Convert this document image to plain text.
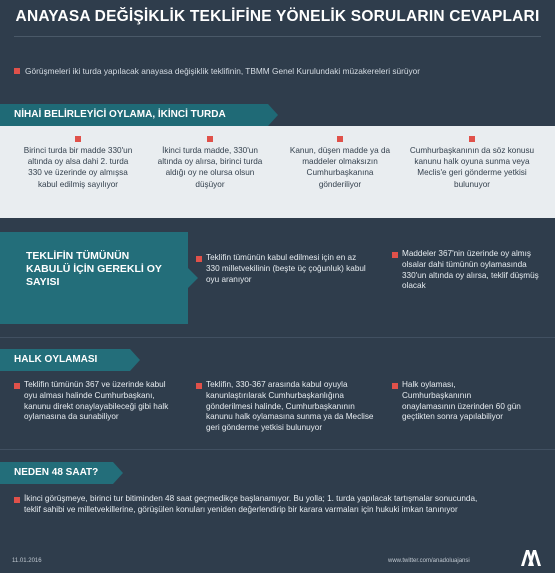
ANAYASA DEĞİŞİKLİK TEKLİFİNE YÖNELİK SORULARIN CEVAPLARI
Görüşmeleri iki turda yapılacak anayasa değişiklik teklifinin, TBMM Genel Kurulundaki müzakereleri sürüyor
NİHAİ BELİRLEYİCİ OYLAMA, İKİNCİ TURDA
Birinci turda bir madde 330'un altında oy alsa dahi 2. turda 330 ve üzerinde oy almışsa kabul edilmiş sayılıyor
İkinci turda madde, 330'un altında oy alırsa, birinci turda aldığı oy ne olursa olsun düşüyor
Kanun, düşen madde ya da maddeler olmaksızın Cumhurbaşkanına gönderiliyor
Cumhurbaşkanının da söz konusu kanunu halk oyuna sunma veya Meclis'e geri gönderme yetkisi bulunuyor
TEKLİFİN TÜMÜNÜN KABULÜ İÇİN GEREKLİ OY SAYISI
Teklifin tümünün kabul edilmesi için en az 330 milletvekilinin (beşte üç çoğunluk) kabul oyu aranıyor
Maddeler 367'nin üzerinde oy almış olsalar dahi tümünün oylamasında 330'un altında oy alırsa, teklif düşmüş olacak
HALK OYLAMASI
Teklifin tümünün 367 ve üzerinde kabul oyu alması halinde Cumhurbaşkanı, kanunu direkt onaylayabileceği gibi halk oylamasına da sunabiliyor
Teklifin, 330-367 arasında kabul oyuyla kanunlaştırılarak Cumhurbaşkanlığına gönderilmesi halinde, Cumhurbaşkanının kanunu halk oylamasına sunma ya da Meclise geri gönderme yetkisi bulunuyor
Halk oylaması, Cumhurbaşkanının onaylamasının üzerinden 60 gün geçtikten sonra yapılabiliyor
NEDEN 48 SAAT?
İkinci görüşmeye, birinci tur bitiminden 48 saat geçmedikçe başlanamıyor. Bu yolla; 1. turda yapılacak tartışmalar sonucunda, teklif sahibi ve milletvekillerine, görüşülen konuları yeniden değerlendirip bir karara varmaları için hukuki imkan tanınıyor
11.01.2016	www.twitter.com/anadoluajansi
